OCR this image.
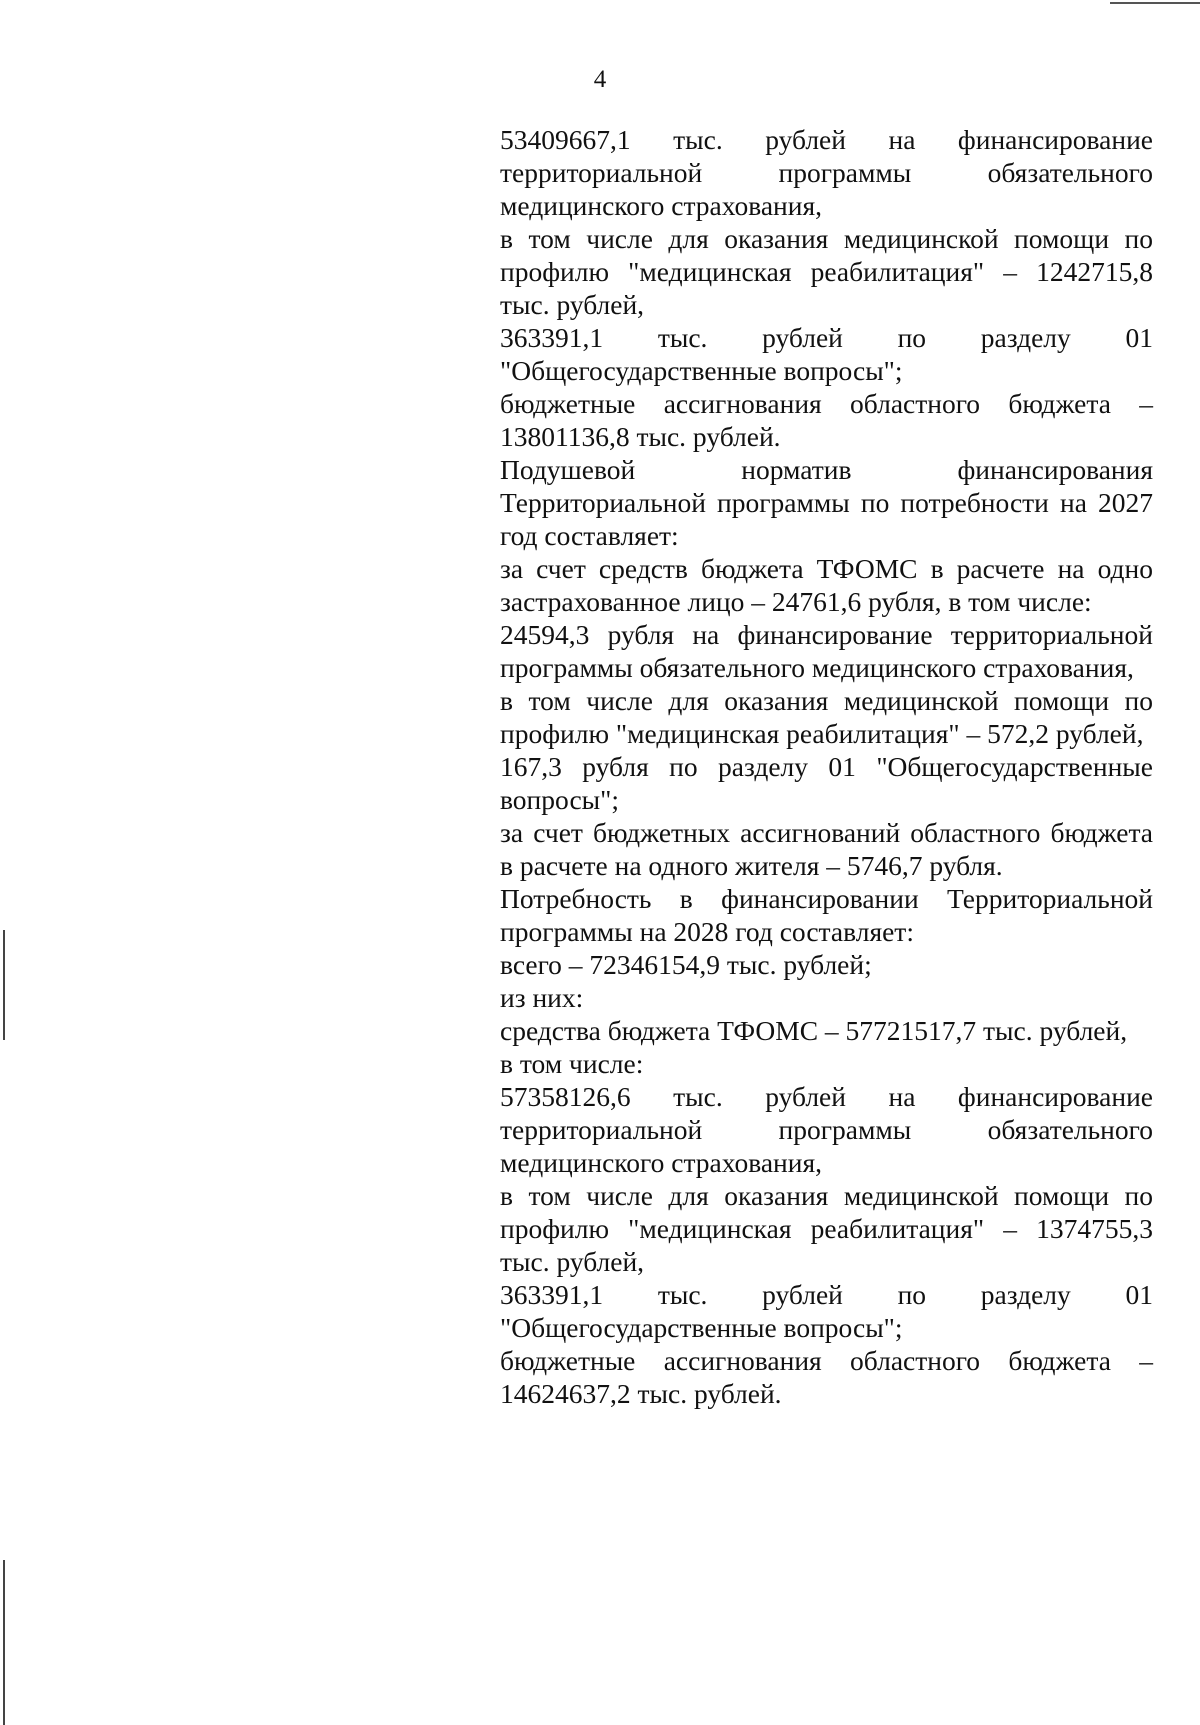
4

53409667,1 тыс. рублей на финансирование территориальной программы обязательного медицинского страхования,

в том числе для оказания медицинской помощи по профилю "медицинская реабилитация" – 1242715,8 тыс. рублей,

363391,1 тыс. рублей по разделу 01 "Общегосударственные вопросы";

бюджетные ассигнования областного бюджета – 13801136,8 тыс. рублей.

Подушевой норматив финансирования Территориальной программы по потребности на 2027 год составляет:

за счет средств бюджета ТФОМС в расчете на одно застрахованное лицо – 24761,6 рубля, в том числе:

24594,3 рубля на финансирование территориальной программы обязательного медицинского страхования,

в том числе для оказания медицинской помощи по профилю "медицинская реабилитация" – 572,2 рублей,

167,3 рубля по разделу 01 "Общегосударственные вопросы";

за счет бюджетных ассигнований областного бюджета в расчете на одного жителя – 5746,7 рубля.

Потребность в финансировании Территориальной программы на 2028 год составляет:

всего – 72346154,9 тыс. рублей;

из них:

средства бюджета ТФОМС – 57721517,7 тыс. рублей,

в том числе:

57358126,6 тыс. рублей на финансирование территориальной программы обязательного медицинского страхования,

в том числе для оказания медицинской помощи по профилю "медицинская реабилитация" – 1374755,3 тыс. рублей,

363391,1 тыс. рублей по разделу 01 "Общегосударственные вопросы";

бюджетные ассигнования областного бюджета – 14624637,2 тыс. рублей.
